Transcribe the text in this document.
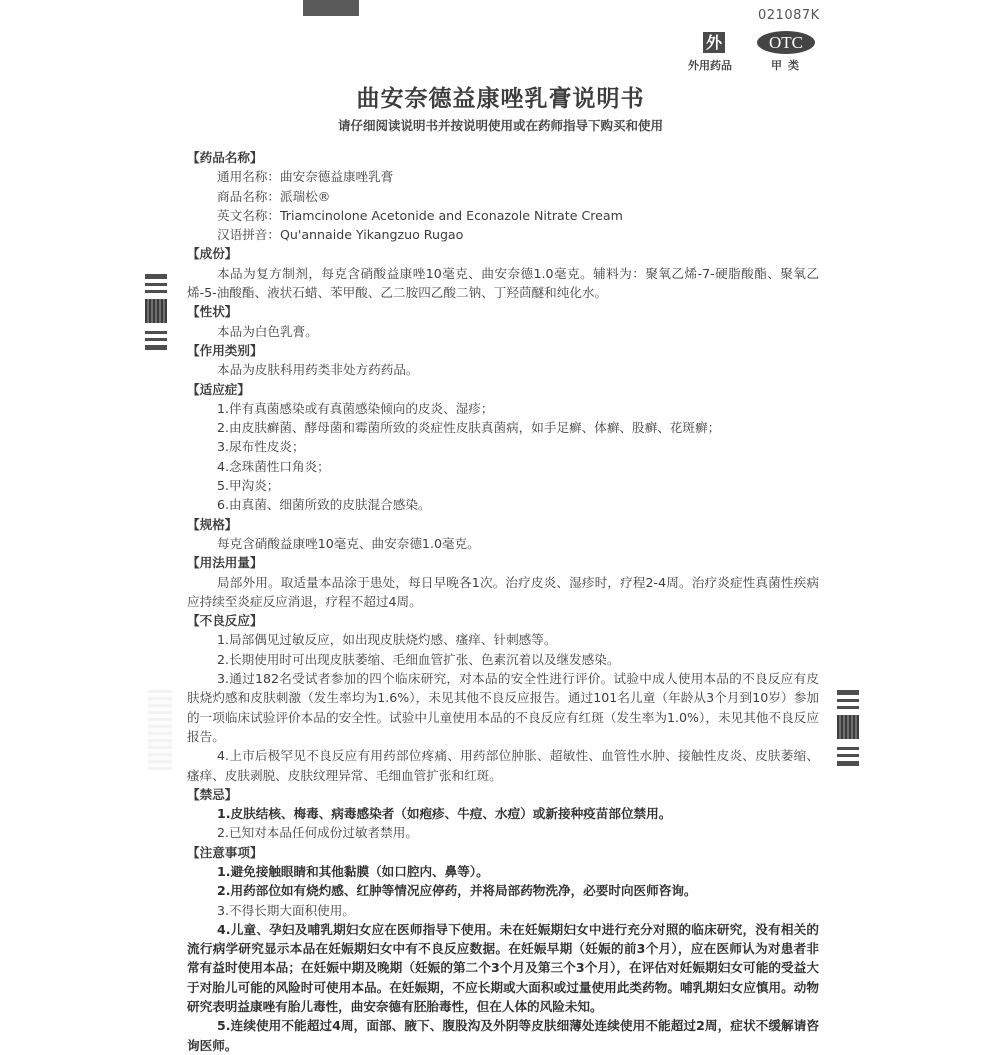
021087K
外
外用药品
OTC
甲类
曲安奈德益康唑乳膏说明书
请仔细阅读说明书并按说明使用或在药师指导下购买和使用
【药品名称】
通用名称：曲安奈德益康唑乳膏
商品名称：派瑞松®
英文名称：Triamcinolone Acetonide and Econazole Nitrate Cream
汉语拼音：Qu'annaide Yikangzuo Rugao
【成份】
本品为复方制剂，每克含硝酸益康唑10毫克、曲安奈德1.0毫克。辅料为：聚氧乙烯-7-硬脂酸酯、聚氧乙烯-5-油酸酯、液状石蜡、苯甲酸、乙二胺四乙酸二钠、丁羟茴醚和纯化水。
【性状】
本品为白色乳膏。
【作用类别】
本品为皮肤科用药类非处方药药品。
【适应症】
1.伴有真菌感染或有真菌感染倾向的皮炎、湿疹；
2.由皮肤癣菌、酵母菌和霉菌所致的炎症性皮肤真菌病，如手足癣、体癣、股癣、花斑癣；
3.尿布性皮炎；
4.念珠菌性口角炎；
5.甲沟炎；
6.由真菌、细菌所致的皮肤混合感染。
【规格】
每克含硝酸益康唑10毫克、曲安奈德1.0毫克。
【用法用量】
局部外用。取适量本品涂于患处，每日早晚各1次。治疗皮炎、湿疹时，疗程2-4周。治疗炎症性真菌性疾病应持续至炎症反应消退，疗程不超过4周。
【不良反应】
1.局部偶见过敏反应，如出现皮肤烧灼感、瘙痒、针刺感等。
2.长期使用时可出现皮肤萎缩、毛细血管扩张、色素沉着以及继发感染。
3.通过182名受试者参加的四个临床研究，对本品的安全性进行评价。试验中成人使用本品的不良反应有皮肤烧灼感和皮肤刺激（发生率均为1.6%），未见其他不良反应报告。通过101名儿童（年龄从3个月到10岁）参加的一项临床试验评价本品的安全性。试验中儿童使用本品的不良反应有红斑（发生率为1.0%），未见其他不良反应报告。
4.上市后极罕见不良反应有用药部位疼痛、用药部位肿胀、超敏性、血管性水肿、接触性皮炎、皮肤萎缩、瘙痒、皮肤剥脱、皮肤纹理异常、毛细血管扩张和红斑。
【禁忌】
1.皮肤结核、梅毒、病毒感染者（如疱疹、牛痘、水痘）或新接种疫苗部位禁用。
2.已知对本品任何成份过敏者禁用。
【注意事项】
1.避免接触眼睛和其他黏膜（如口腔内、鼻等）。
2.用药部位如有烧灼感、红肿等情况应停药，并将局部药物洗净，必要时向医师咨询。
3.不得长期大面积使用。
4.儿童、孕妇及哺乳期妇女应在医师指导下使用。未在妊娠期妇女中进行充分对照的临床研究，没有相关的流行病学研究显示本品在妊娠期妇女中有不良反应数据。在妊娠早期（妊娠的前3个月），应在医师认为对患者非常有益时使用本品；在妊娠中期及晚期（妊娠的第二个3个月及第三个3个月），在评估对妊娠期妇女可能的受益大于对胎儿可能的风险时可使用本品。在妊娠期，不应长期或大面积或过量使用此类药物。哺乳期妇女应慎用。动物研究表明益康唑有胎儿毒性，曲安奈德有胚胎毒性，但在人体的风险未知。
5.连续使用不能超过4周，面部、腋下、腹股沟及外阴等皮肤细薄处连续使用不能超过2周，症状不缓解请咨询医师。
